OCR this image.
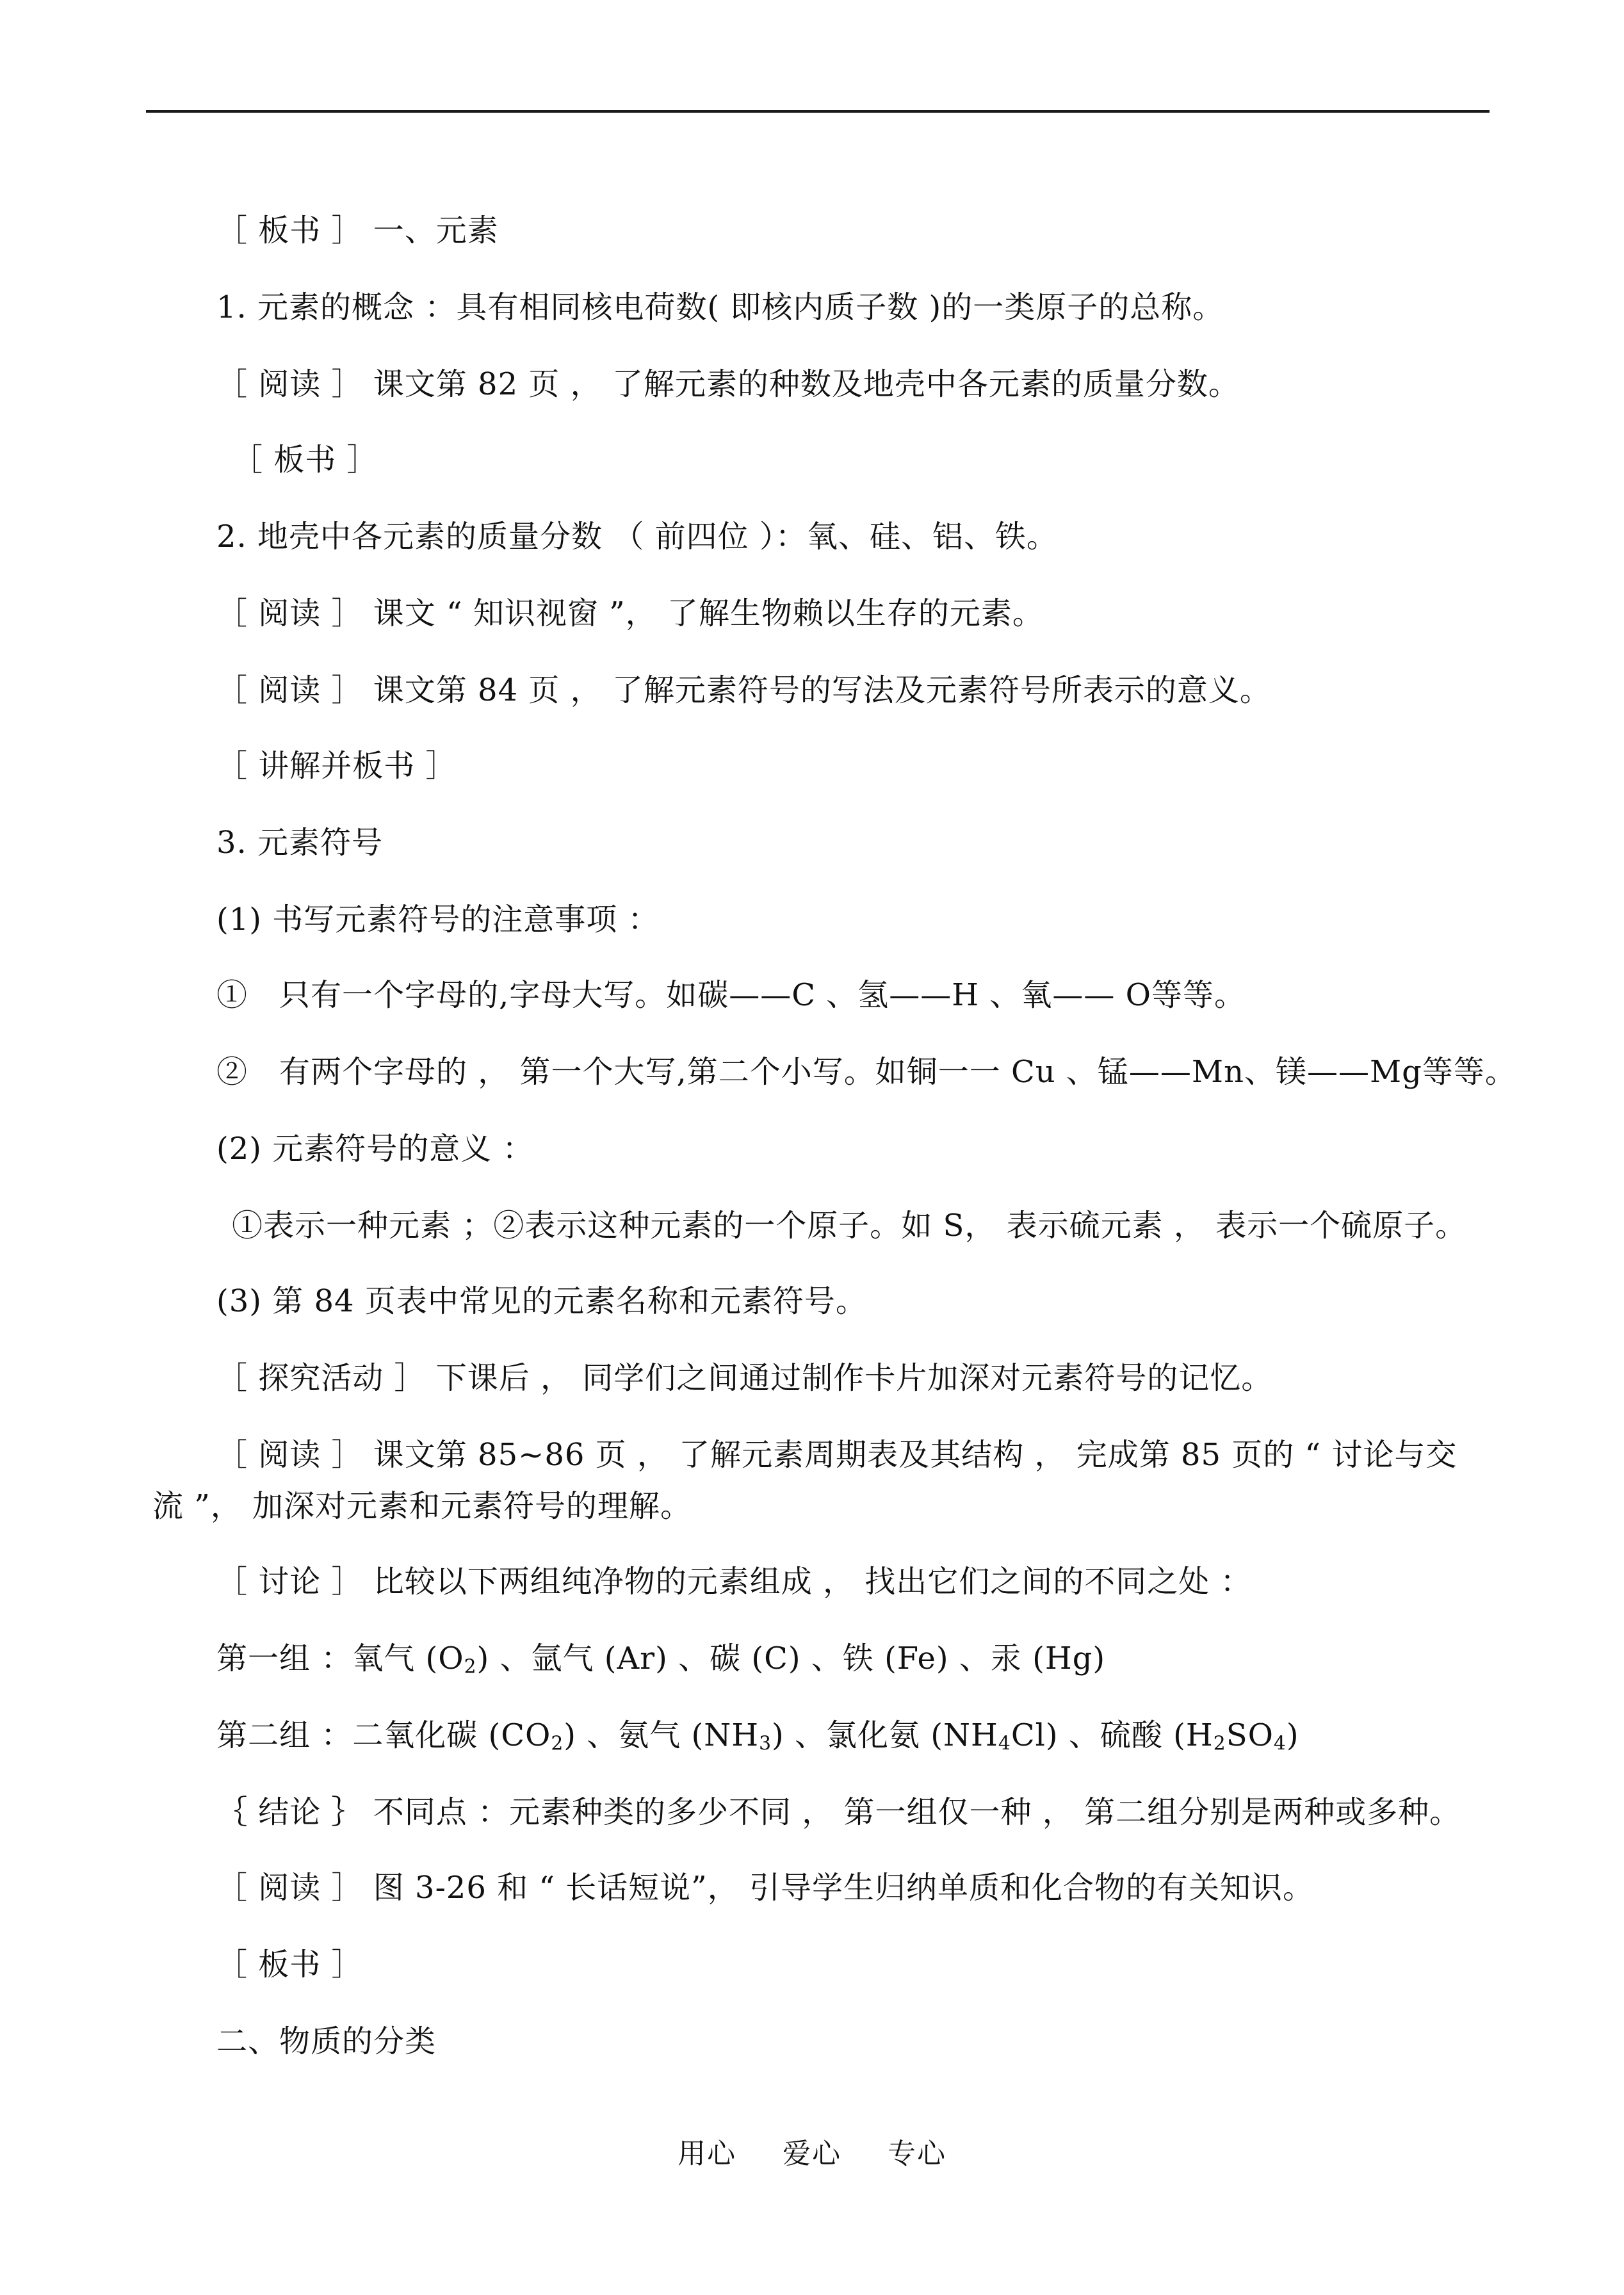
［ 板书 ］ 一、元素
1. 元素的概念 ：具有相同核电荷数( 即核内质子数 )的一类原子的总称。
［ 阅读 ］ 课文第 82 页 ， 了解元素的种数及地壳中各元素的质量分数。
［ 板书 ］
2. 地壳中各元素的质量分数 （ 前四位 ）：氧、硅、铝、铁。
［ 阅读 ］ 课文 “ 知识视窗 ”， 了解生物赖以生存的元素。
［ 阅读 ］ 课文第 84 页 ， 了解元素符号的写法及元素符号所表示的意义。
［ 讲解并板书 ］
3. 元素符号
(1) 书写元素符号的注意事项 ：
①　只有一个字母的,字母大写。如碳——C 、氢——H 、氧—— O等等。
②　有两个字母的 ， 第一个大写,第二个小写。如铜一一 Cu 、锰——Mn、镁——Mg等等。
(2) 元素符号的意义 ：
①表示一种元素 ；②表示这种元素的一个原子。如 S， 表示硫元素 ， 表示一个硫原子。
(3) 第 84 页表中常见的元素名称和元素符号。
［ 探究活动 ］ 下课后 ， 同学们之间通过制作卡片加深对元素符号的记忆。
［ 阅读 ］ 课文第 85~86 页 ， 了解元素周期表及其结构 ， 完成第 85 页的 “ 讨论与交
流 ”， 加深对元素和元素符号的理解。
［ 讨论 ］ 比较以下两组纯净物的元素组成 ， 找出它们之间的不同之处 ：
第一组 ：氧气 $(O_2)$ 、氩气 (Ar) 、碳 (C) 、铁 (Fe) 、汞 (Hg)
第二组 ：二氧化碳 $(CO_2)$ 、氨气 $(NH_3)$ 、氯化氨 $(NH_4Cl)$ 、硫酸 $(H_2SO_4)$
｛ 结论 ｝ 不同点 ：元素种类的多少不同 ， 第一组仅一种 ， 第二组分别是两种或多种。
［ 阅读 ］ 图 3-26 和 “ 长话短说”， 引导学生归纳单质和化合物的有关知识。
［ 板书 ］
二、物质的分类
用心 爱心 专心
